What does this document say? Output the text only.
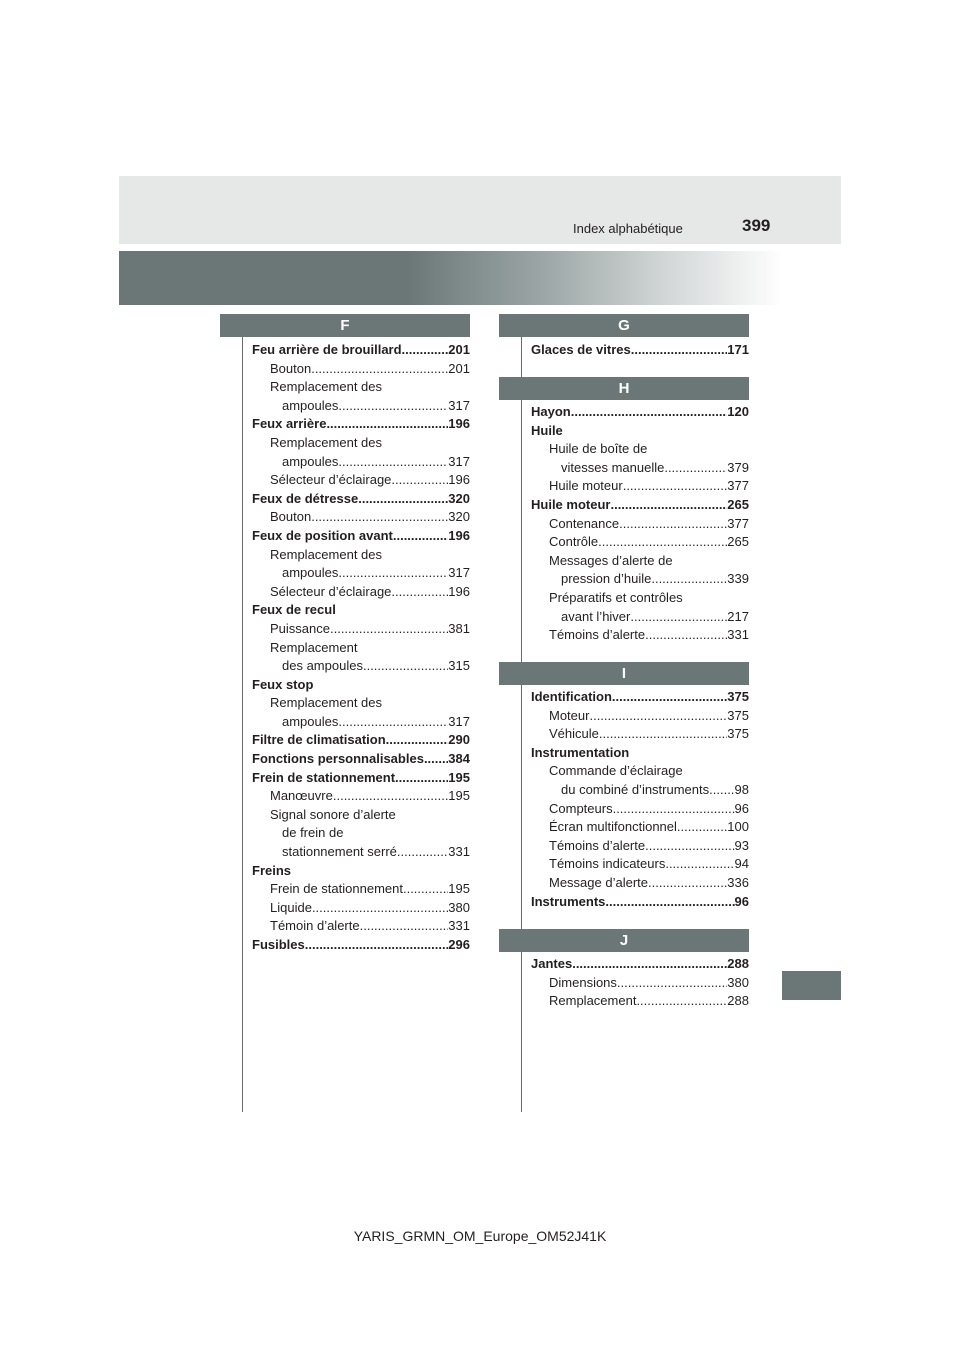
Index alphabétique	399
F
Feu arrière de brouillard .....	201
Bouton .....	201
Remplacement des
ampoules .....	317
Feux arrière .....	196
Remplacement des
ampoules .....	317
Sélecteur d’éclairage .....	196
Feux de détresse .....	320
Bouton .....	320
Feux de position avant .....	196
Remplacement des
ampoules .....	317
Sélecteur d’éclairage .....	196
Feux de recul
Puissance .....	381
Remplacement
des ampoules .....	315
Feux stop
Remplacement des
ampoules .....	317
Filtre de climatisation .....	290
Fonctions personnalisables ..... 384
Frein de stationnement .....	195
Manœuvre .....	195
Signal sonore d’alerte
de frein de
stationnement serré .....	331
Freins
Frein de stationnement .....	195
Liquide .....	380
Témoin d’alerte .....	331
Fusibles .....	296
G
Glaces de vitres .....	171
H
Hayon .....	120
Huile
Huile de boîte de
vitesses manuelle .....	379
Huile moteur .....	377
Huile moteur .....	265
Contenance .....	377
Contrôle .....	265
Messages d’alerte de
pression d’huile .....	339
Préparatifs et contrôles
avant l’hiver .....	217
Témoins d’alerte .....	331
I
Identification .....	375
Moteur .....	375
Véhicule .....	375
Instrumentation
Commande d’éclairage
du combiné d’instruments ..... 98
Compteurs .....	96
Écran multifonctionnel .....	100
Témoins d’alerte .....	93
Témoins indicateurs .....	94
Message d’alerte .....	336
Instruments .....	96
J
Jantes .....	288
Dimensions .....	380
Remplacement .....	288
YARIS_GRMN_OM_Europe_OM52J41K
